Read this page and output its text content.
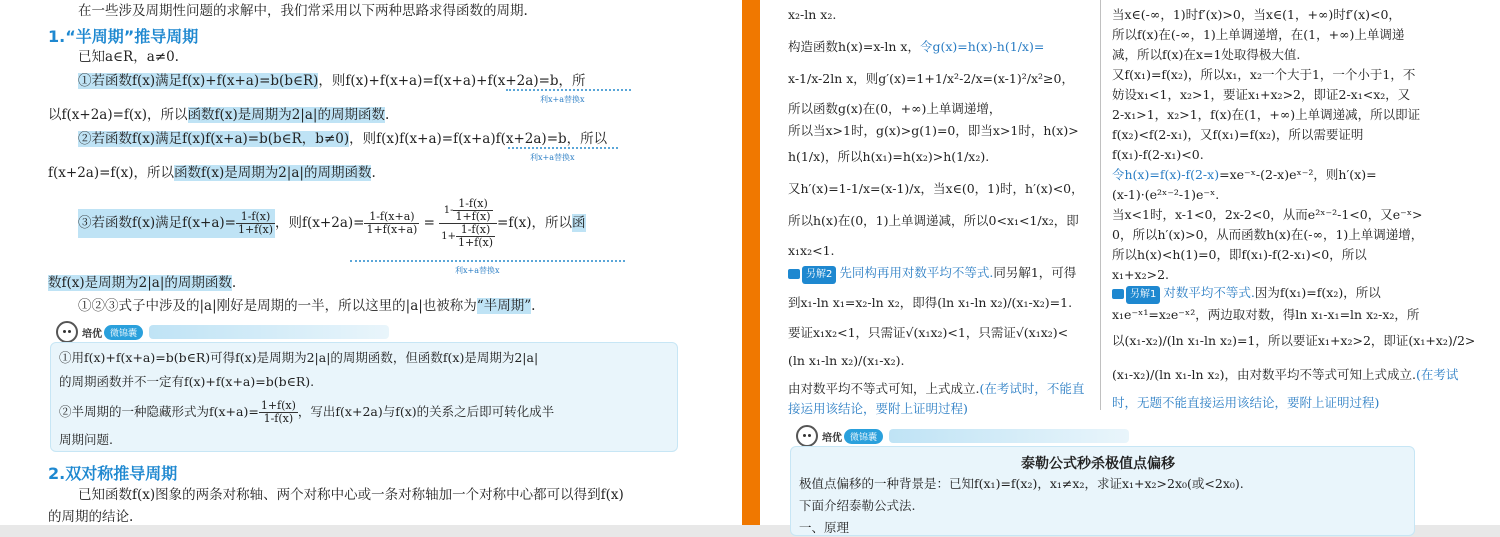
在一些涉及周期性问题的求解中，我们常采用以下两种思路求得函数的周期.
1.“半周期”推导周期
已知a∈R，a≠0.
①若函数f(x)满足f(x)+f(x+a)=b(b∈R)，则f(x)+f(x+a)=f(x+a)+f(x+2a)=b，所
利x+a替换x
以f(x+2a)=f(x)，所以函数f(x)是周期为2|a|的周期函数.
②若函数f(x)满足f(x)f(x+a)=b(b∈R，b≠0)，则f(x)f(x+a)=f(x+a)f(x+2a)=b，所以
利x+a替换x
f(x+2a)=f(x)，所以函数f(x)是周期为2|a|的周期函数.
③若函数f(x)满足$f(x+a)= \frac{1-f(x)}{1+f(x)}$ ，则$f(x+2a)= \frac{1-f(x+a)}{1+f(x+a)} = \frac{1- \frac{1-f(x)}{1+f(x)}}{1+ \frac{1-f(x)}{1+f(x)}} =f(x)$，所以 函
利x+a替换x
数f(x)是周期为2|a|的周期函数.
①②③式子中涉及的|a|刚好是周期的一半，所以这里的|a|也被称为“半周期”.
培优 微锦囊
①用f(x)+f(x+a)=b(b∈R)可得f(x)是周期为2|a|的周期函数，但函数f(x)是周期为2|a|
的周期函数并不一定有f(x)+f(x+a)=b(b∈R).
②半周期的一种隐藏形式为$f(x+a)= \frac{1+f(x)}{1-f(x)}$ ，写出f(x+2a)与f(x)的关系之后即可转化成半
周期问题.
2.双对称推导周期
已知函数f(x)图象的两条对称轴、两个对称中心或一条对称轴加一个对称中心都可以得到f(x)
的周期的结论.
x₂-ln x₂.
构造函数h(x)=x-ln x，令g(x)=h(x)-h(1/x)=
x-1/x-2ln x，则g′(x)=1+1/x²-2/x=(x-1)²/x²≥0，
所以函数g(x)在(0，+∞)上单调递增，
所以当x>1时，g(x)>g(1)=0，即当x>1时，h(x)>
h(1/x)，所以h(x₁)=h(x₂)>h(1/x₂).
又h′(x)=1-1/x=(x-1)/x，当x∈(0，1)时，h′(x)<0，
所以h(x)在(0，1)上单调递减，所以0<x₁<1/x₂，即
x₁x₂<1.
另解2 先同构再用对数平均不等式.同另解1，可得
到x₁-ln x₁=x₂-ln x₂，即得(ln x₁-ln x₂)/(x₁-x₂)=1.
要证x₁x₂<1，只需证√(x₁x₂)<1，只需证√(x₁x₂)<
(ln x₁-ln x₂)/(x₁-x₂).
由对数平均不等式可知，上式成立.(在考试时，不能直
接运用该结论，要附上证明过程)
当x∈(-∞，1)时f′(x)>0，当x∈(1，+∞)时f′(x)<0，
所以f(x)在(-∞，1)上单调递增，在(1，+∞)上单调递
减，所以f(x)在x=1处取得极大值.
又f(x₁)=f(x₂)，所以x₁，x₂一个大于1，一个小于1，不
妨设x₁<1，x₂>1，要证x₁+x₂>2，即证2-x₁<x₂，又
2-x₁>1，x₂>1，f(x)在(1，+∞)上单调递减，所以即证
f(x₂)<f(2-x₁)，又f(x₁)=f(x₂)，所以需要证明
f(x₁)-f(2-x₁)<0.
令h(x)=f(x)-f(2-x)=xe⁻ˣ-(2-x)eˣ⁻²，则h′(x)=
(x-1)·(e²ˣ⁻²-1)e⁻ˣ.
当x<1时，x-1<0，2x-2<0，从而e²ˣ⁻²-1<0，又e⁻ˣ>
0，所以h′(x)>0，从而函数h(x)在(-∞，1)上单调递增，
所以h(x)<h(1)=0，即f(x₁)-f(2-x₁)<0，所以
x₁+x₂>2.
另解1 对数平均不等式.因为f(x₁)=f(x₂)，所以
x₁e⁻ˣ¹=x₂e⁻ˣ²，两边取对数，得ln x₁-x₁=ln x₂-x₂，所
以(x₁-x₂)/(ln x₁-ln x₂)=1，所以要证x₁+x₂>2，即证(x₁+x₂)/2>
(x₁-x₂)/(ln x₁-ln x₂)，由对数平均不等式可知上式成立.(在考试
时，无题不能直接运用该结论，要附上证明过程)
培优 微锦囊
泰勒公式秒杀极值点偏移
极值点偏移的一种背景是：已知f(x₁)=f(x₂)，x₁≠x₂，求证x₁+x₂>2x₀(或<2x₀).
下面介绍泰勒公式法.
一、原理
